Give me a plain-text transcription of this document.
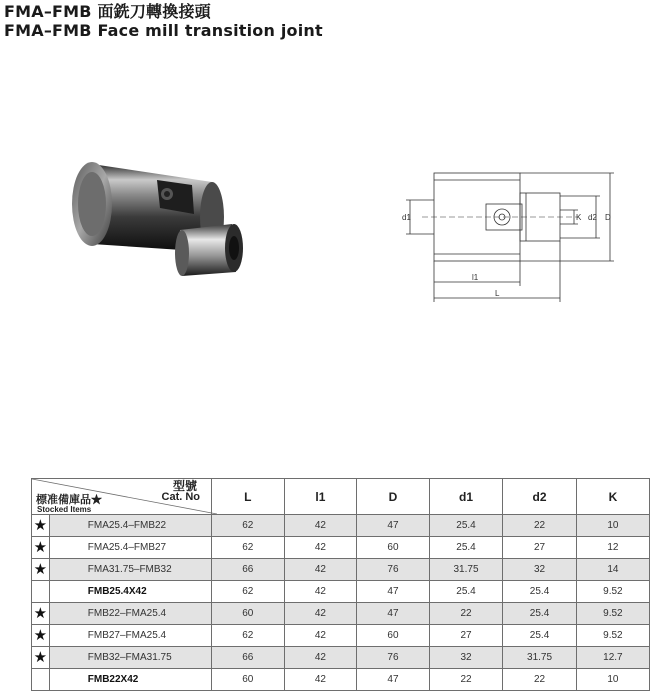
FMA–FMB 面銑刀轉換接頭
FMA–FMB Face mill transition joint
d1	K d2 D
l1
L
型號
Cat. No
標准備庫品★
Stocked Items		L	l1	D	d1	d2	K
★	FMA25.4–FMB22	62	42	47	25.4	22	10
★	FMA25.4–FMB27	62	42	60	25.4	27	12
★	FMA31.75–FMB32	66	42	76	31.75	32	14
	FMB25.4X42	62	42	47	25.4	25.4	9.52
★	FMB22–FMA25.4	60	42	47	22	25.4	9.52
★	FMB27–FMA25.4	62	42	60	27	25.4	9.52
★	FMB32–FMA31.75	66	42	76	32	31.75	12.7
	FMB22X42	60	42	47	22	22	10
